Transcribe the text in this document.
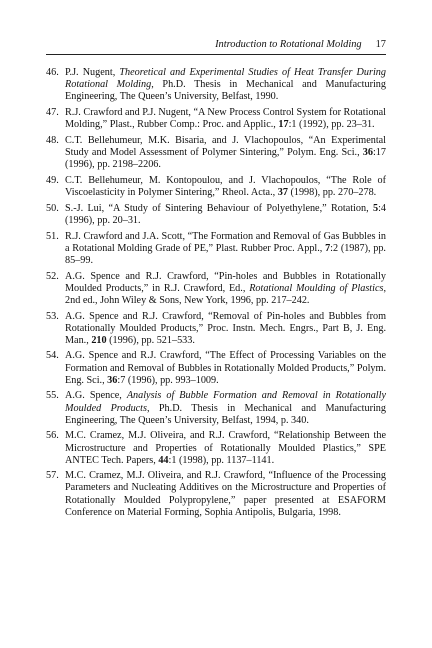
Introduction to Rotational Molding 17
46. P.J. Nugent, Theoretical and Experimental Studies of Heat Transfer During Rotational Molding, Ph.D. Thesis in Mechanical and Manufacturing Engineering, The Queen’s University, Belfast, 1990.
47. R.J. Crawford and P.J. Nugent, “A New Process Control System for Rotational Molding,” Plast., Rubber Comp.: Proc. and Applic., 17:1 (1992), pp. 23–31.
48. C.T. Bellehumeur, M.K. Bisaria, and J. Vlachopoulos, “An Experimental Study and Model Assessment of Polymer Sintering,” Polym. Eng. Sci., 36:17 (1996), pp. 2198–2206.
49. C.T. Bellehumeur, M. Kontopoulou, and J. Vlachopoulos, “The Role of Viscoelasticity in Polymer Sintering,” Rheol. Acta., 37 (1998), pp. 270–278.
50. S.-J. Lui, “A Study of Sintering Behaviour of Polyethylene,” Rotation, 5:4 (1996), pp. 20–31.
51. R.J. Crawford and J.A. Scott, “The Formation and Removal of Gas Bubbles in a Rotational Molding Grade of PE,” Plast. Rubber Proc. Appl., 7:2 (1987), pp. 85–99.
52. A.G. Spence and R.J. Crawford, “Pin-holes and Bubbles in Rotationally Moulded Products,” in R.J. Crawford, Ed., Rotational Moulding of Plastics, 2nd ed., John Wiley & Sons, New York, 1996, pp. 217–242.
53. A.G. Spence and R.J. Crawford, “Removal of Pin-holes and Bubbles from Rotationally Moulded Products,” Proc. Instn. Mech. Engrs., Part B, J. Eng. Man., 210 (1996), pp. 521–533.
54. A.G. Spence and R.J. Crawford, “The Effect of Processing Variables on the Formation and Removal of Bubbles in Rotationally Molded Products,” Polym. Eng. Sci., 36:7 (1996), pp. 993–1009.
55. A.G. Spence, Analysis of Bubble Formation and Removal in Rotationally Moulded Products, Ph.D. Thesis in Mechanical and Manufacturing Engineering, The Queen’s University, Belfast, 1994, p. 340.
56. M.C. Cramez, M.J. Oliveira, and R.J. Crawford, “Relationship Between the Microstructure and Properties of Rotationally Moulded Plastics,” SPE ANTEC Tech. Papers, 44:1 (1998), pp. 1137–1141.
57. M.C. Cramez, M.J. Oliveira, and R.J. Crawford, “Influence of the Processing Parameters and Nucleating Additives on the Microstructure and Properties of Rotationally Moulded Polypropylene,” paper presented at ESAFORM Conference on Material Forming, Sophia Antipolis, Bulgaria, 1998.
